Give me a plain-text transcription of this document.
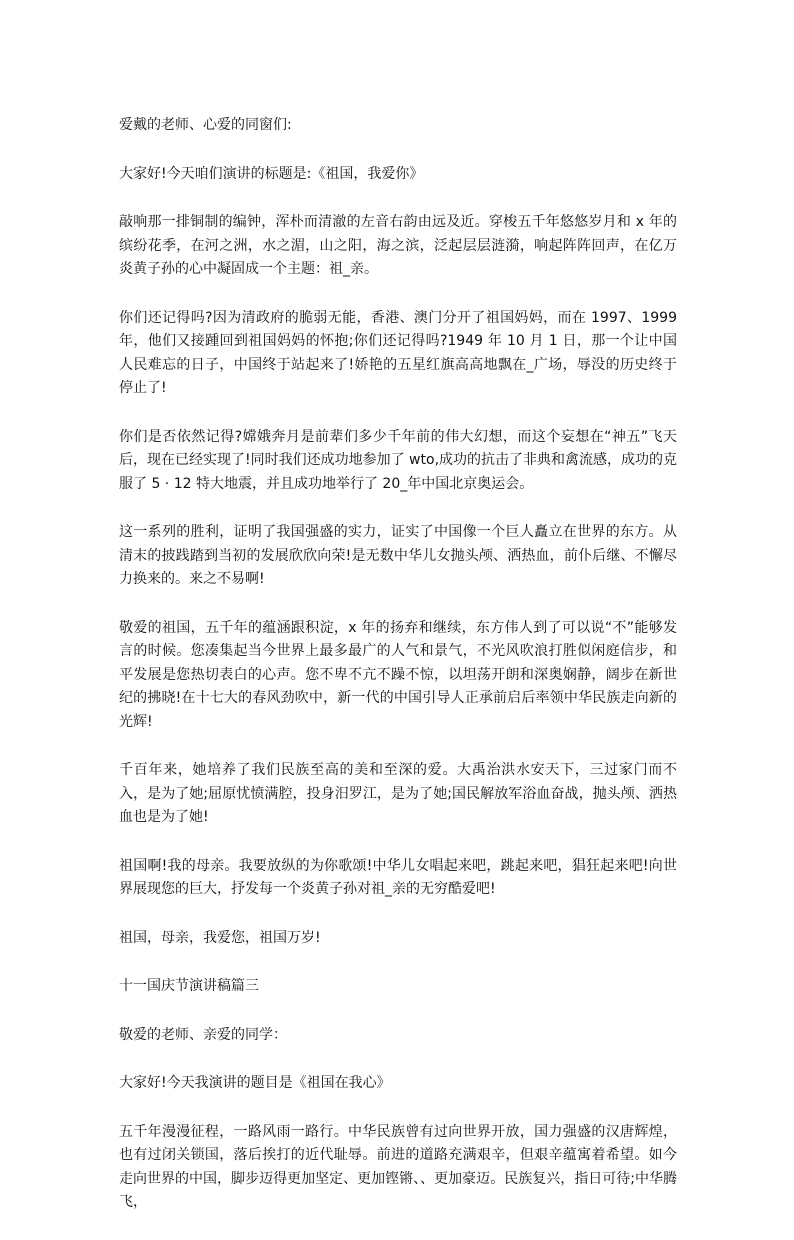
爱戴的老师、心爱的同窗们:

大家好!今天咱们演讲的标题是:《祖国，我爱你》

敲响那一排铜制的编钟，浑朴而清澈的左音右韵由远及近。穿梭五千年悠悠岁月和 x 年的缤纷花季，在河之洲，水之湄，山之阳，海之滨，泛起层层涟漪，响起阵阵回声，在亿万炎黄子孙的心中凝固成一个主题：祖_亲。

你们还记得吗?因为清政府的脆弱无能，香港、澳门分开了祖国妈妈，而在 1997、1999 年，他们又接踵回到祖国妈妈的怀抱;你们还记得吗?1949 年 10 月 1 日，那一个让中国人民难忘的日子，中国终于站起来了!娇艳的五星红旗高高地飘在_广场，辱没的历史终于停止了!

你们是否依然记得?嫦娥奔月是前辈们多少千年前的伟大幻想，而这个妄想在“神五”飞天后，现在已经实现了!同时我们还成功地参加了 wto,成功的抗击了非典和禽流感，成功的克服了 5 · 12 特大地震，并且成功地举行了 20_年中国北京奥运会。

这一系列的胜利，证明了我国强盛的实力，证实了中国像一个巨人矗立在世界的东方。从清末的披践踏到当初的发展欣欣向荣!是无数中华儿女抛头颅、洒热血，前仆后继、不懈尽力换来的。来之不易啊!

敬爱的祖国，五千年的蕴涵跟积淀，x 年的扬弃和继续，东方伟人到了可以说“不”能够发言的时候。您凑集起当今世界上最多最广的人气和景气，不光风吹浪打胜似闲庭信步，和平发展是您热切表白的心声。您不卑不亢不躁不惊，以坦荡开朗和深奥娴静，阔步在新世纪的拂晓!在十七大的春风劲吹中，新一代的中国引导人正承前启后率领中华民族走向新的光辉!

千百年来，她培养了我们民族至高的美和至深的爱。大禹治洪水安天下，三过家门而不入，是为了她;屈原忧愤满腔，投身汨罗江，是为了她;国民解放军浴血奋战，抛头颅、洒热血也是为了她!

祖国啊!我的母亲。我要放纵的为你歌颂!中华儿女唱起来吧，跳起来吧，猖狂起来吧!向世界展现您的巨大，抒发每一个炎黄子孙对祖_亲的无穷酷爱吧!

祖国，母亲，我爱您，祖国万岁!

十一国庆节演讲稿篇三

敬爱的老师、亲爱的同学：

大家好!今天我演讲的题目是《祖国在我心》

五千年漫漫征程，一路风雨一路行。中华民族曾有过向世界开放，国力强盛的汉唐辉煌，也有过闭关锁国，落后挨打的近代耻辱。前进的道路充满艰辛，但艰辛蕴寓着希望。如今走向世界的中国，脚步迈得更加坚定、更加铿锵、、更加豪迈。民族复兴，指日可待;中华腾飞，
